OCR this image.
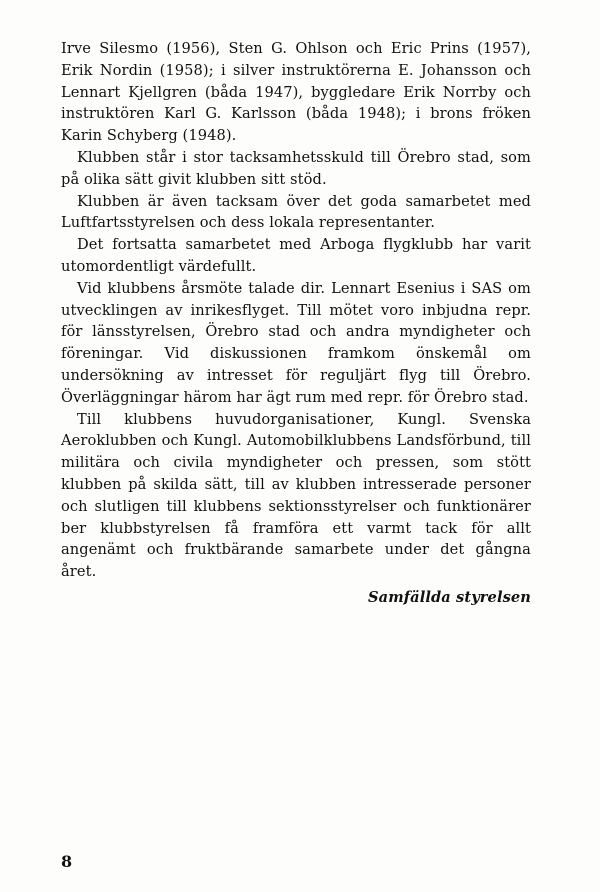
Irve Silesmo (1956), Sten G. Ohlson och Eric Prins (1957), Erik Nordin (1958); i silver instruktörerna E. Johansson och Lennart Kjellgren (båda 1947), byggledare Erik Norrby och instruktören Karl G. Karlsson (båda 1948); i brons fröken Karin Schyberg (1948).

Klubben står i stor tacksamhetsskuld till Örebro stad, som på olika sätt givit klubben sitt stöd.

Klubben är även tacksam över det goda samarbetet med Luftfartsstyrelsen och dess lokala representanter.

Det fortsatta samarbetet med Arboga flygklubb har varit utomordentligt värdefullt.

Vid klubbens årsmöte talade dir. Lennart Esenius i SAS om utvecklingen av inrikesflyget. Till mötet voro inbjudna repr. för länsstyrelsen, Örebro stad och andra myndigheter och föreningar. Vid diskussionen framkom önskemål om undersökning av intresset för reguljärt flyg till Örebro. Överläggningar härom har ägt rum med repr. för Örebro stad.

Till klubbens huvudorganisationer, Kungl. Svenska Aeroklubben och Kungl. Automobilklubbens Landsförbund, till militära och civila myndigheter och pressen, som stött klubben på skilda sätt, till av klubben intresserade personer och slutligen till klubbens sektionsstyrelser och funktionärer ber klubbstyrelsen få framföra ett varmt tack för allt angenämt och fruktbärande samarbete under det gångna året.

Samfällda styrelsen

8
